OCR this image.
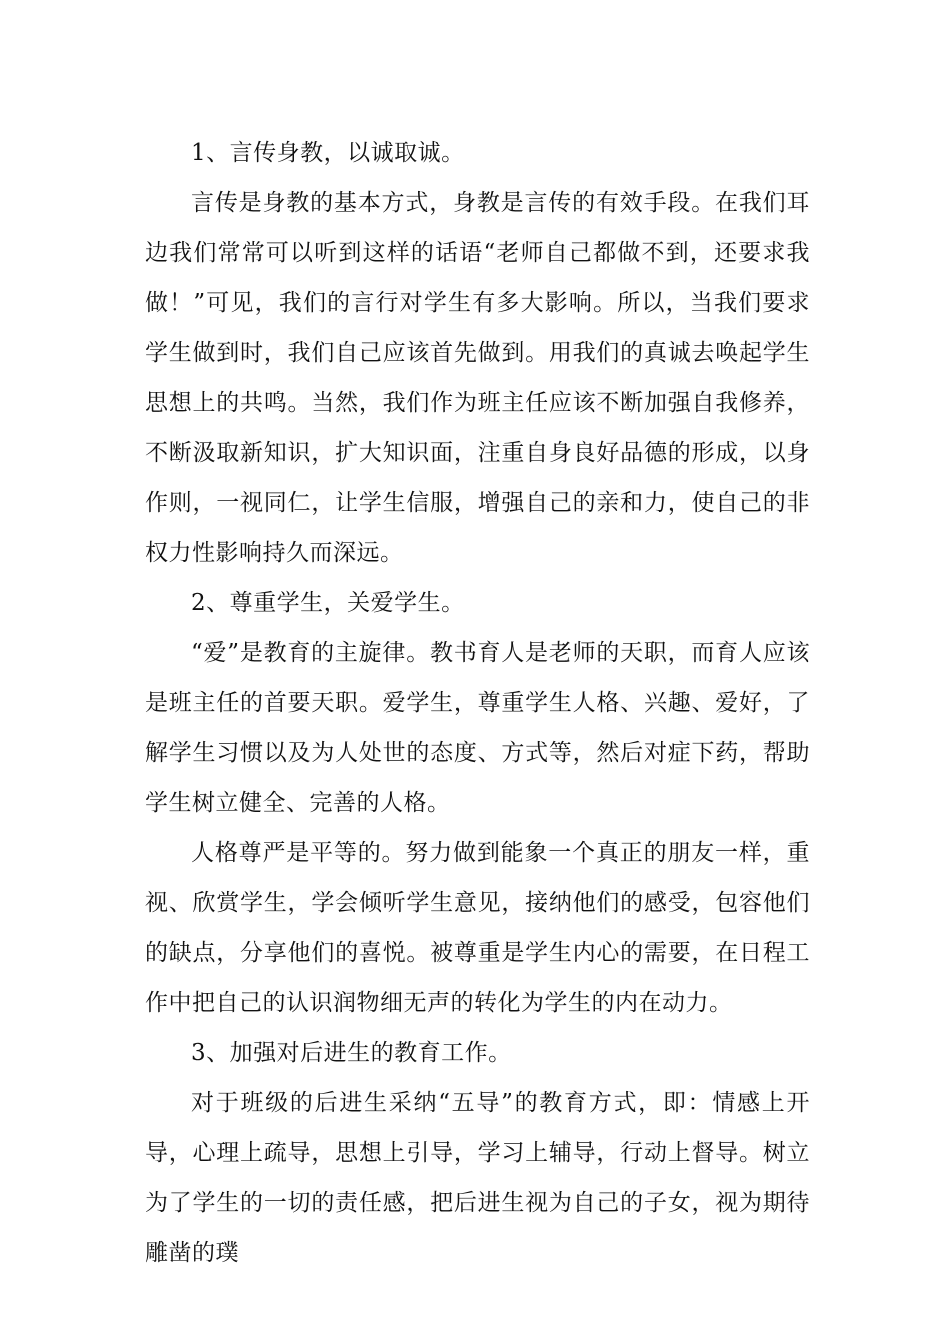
1、言传身教，以诚取诚。

言传是身教的基本方式，身教是言传的有效手段。在我们耳边我们常常可以听到这样的话语“老师自己都做不到，还要求我做！”可见，我们的言行对学生有多大影响。所以，当我们要求学生做到时，我们自己应该首先做到。用我们的真诚去唤起学生思想上的共鸣。当然，我们作为班主任应该不断加强自我修养，不断汲取新知识，扩大知识面，注重自身良好品德的形成，以身作则，一视同仁，让学生信服，增强自己的亲和力，使自己的非权力性影响持久而深远。

2、尊重学生，关爱学生。

“爱”是教育的主旋律。教书育人是老师的天职，而育人应该是班主任的首要天职。爱学生，尊重学生人格、兴趣、爱好，了解学生习惯以及为人处世的态度、方式等，然后对症下药，帮助学生树立健全、完善的人格。

人格尊严是平等的。努力做到能象一个真正的朋友一样，重视、欣赏学生，学会倾听学生意见，接纳他们的感受，包容他们的缺点，分享他们的喜悦。被尊重是学生内心的需要，在日程工作中把自己的认识润物细无声的转化为学生的内在动力。

3、加强对后进生的教育工作。

对于班级的后进生采纳“五导”的教育方式，即：情感上开导，心理上疏导，思想上引导，学习上辅导，行动上督导。树立为了学生的一切的责任感，把后进生视为自己的子女，视为期待雕凿的璞
